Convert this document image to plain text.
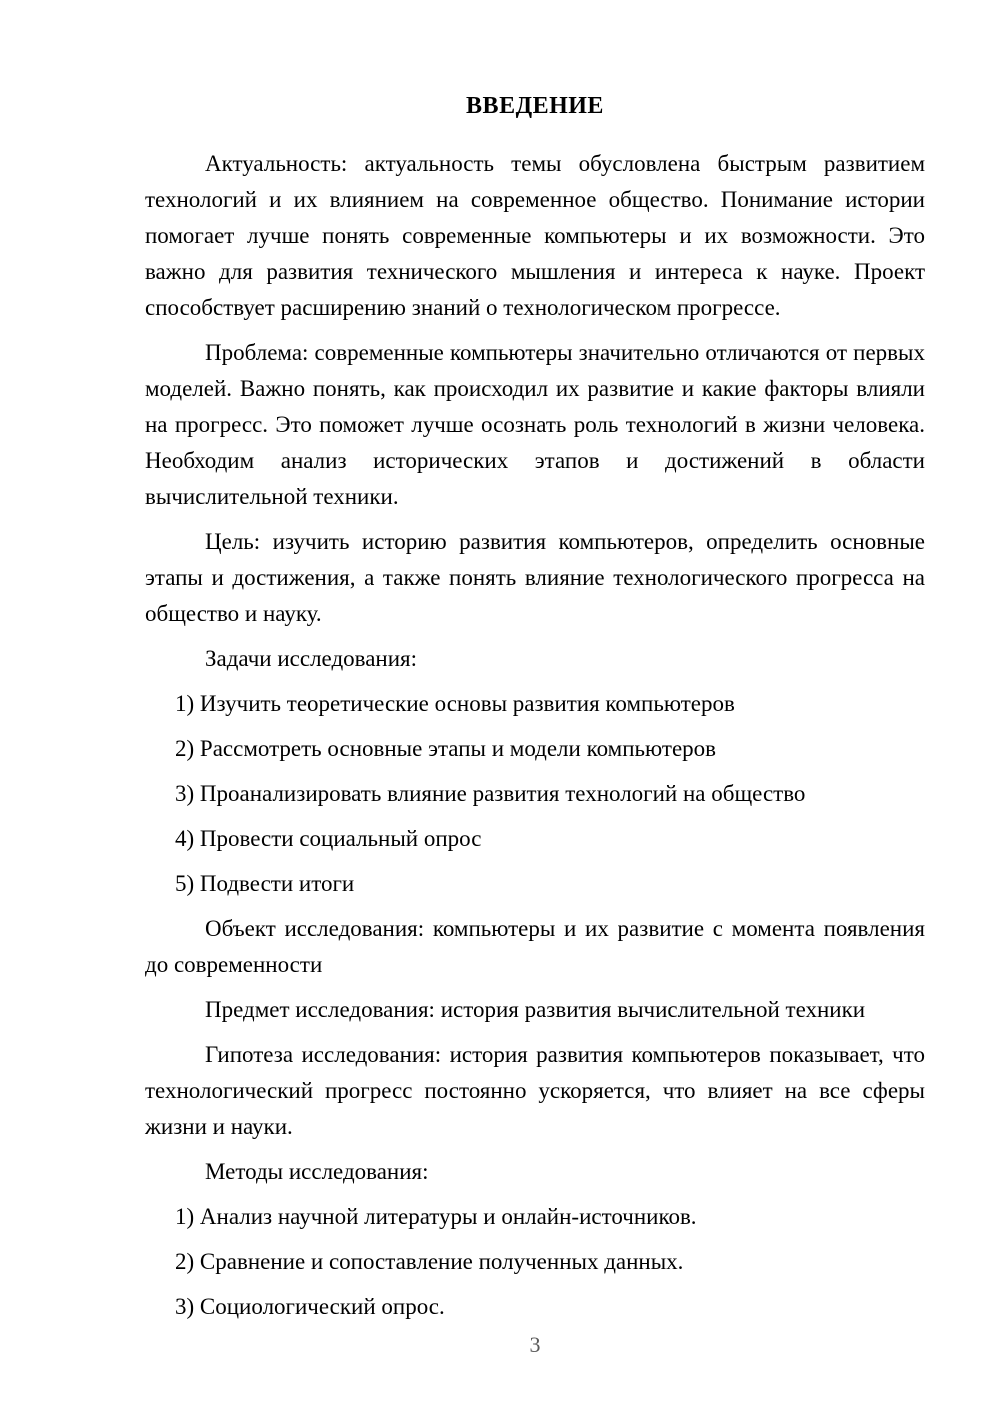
ВВЕДЕНИЕ

Актуальность: актуальность темы обусловлена быстрым развитием технологий и их влиянием на современное общество. Понимание истории помогает лучше понять современные компьютеры и их возможности. Это важно для развития технического мышления и интереса к науке. Проект способствует расширению знаний о технологическом прогрессе.

Проблема: современные компьютеры значительно отличаются от первых моделей. Важно понять, как происходил их развитие и какие факторы влияли на прогресс. Это поможет лучше осознать роль технологий в жизни человека. Необходим анализ исторических этапов и достижений в области вычислительной техники.

Цель: изучить историю развития компьютеров, определить основные этапы и достижения, а также понять влияние технологического прогресса на общество и науку.

Задачи исследования:

1) Изучить теоретические основы развития компьютеров

2) Рассмотреть основные этапы и модели компьютеров

3) Проанализировать влияние развития технологий на общество

4) Провести социальный опрос

5) Подвести итоги

Объект исследования: компьютеры и их развитие с момента появления до современности

Предмет исследования: история развития вычислительной техники

Гипотеза исследования: история развития компьютеров показывает, что технологический прогресс постоянно ускоряется, что влияет на все сферы жизни и науки.

Методы исследования:

1) Анализ научной литературы и онлайн-источников.

2) Сравнение и сопоставление полученных данных.

3) Социологический опрос.

3
